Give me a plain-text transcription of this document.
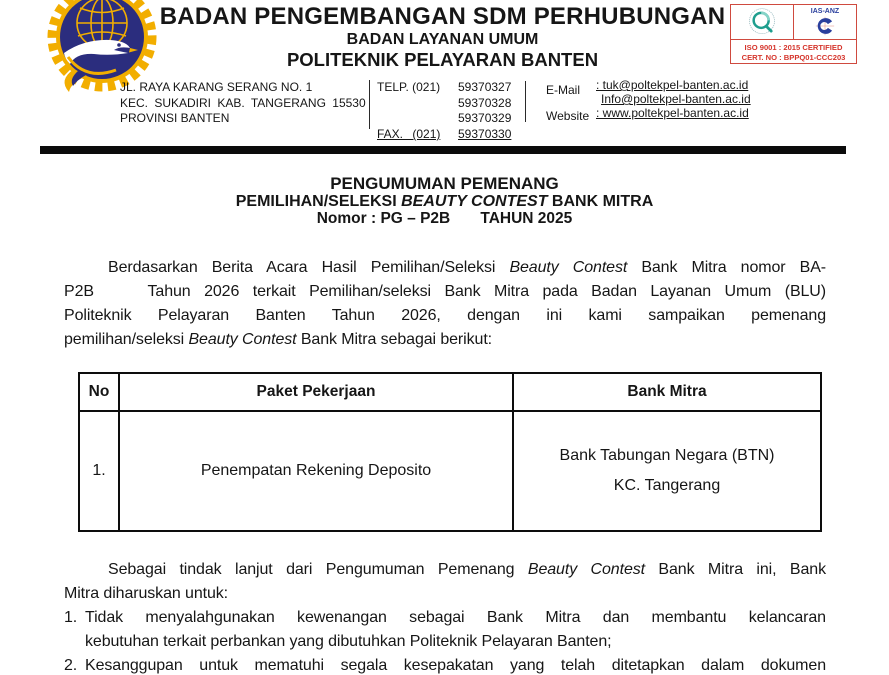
BADAN PENGEMBANGAN SDM PERHUBUNGAN
BADAN LAYANAN UMUM
POLITEKNIK PELAYARAN BANTEN
JL. RAYA KARANG SERANG NO. 1
KEC. SUKADIRI KAB. TANGERANG 15530
PROVINSI BANTEN
TELP. (021) 59370327
59370328
59370329
FAX. (021) 59370330
E-Mail : tuk@poltekpel-banten.ac.id
Info@poltekpel-banten.ac.id
Website : www.poltekpel-banten.ac.id
IAS-ANZ
ISO 9001 : 2015 CERTIFIED
CERT. NO : BPPQ01-CCC203
PENGUMUMAN PEMENANG
PEMILIHAN/SELEKSI BEAUTY CONTEST BANK MITRA
Nomor : PG – P2B       TAHUN 2025
Berdasarkan Berita Acara Hasil Pemilihan/Seleksi Beauty Contest Bank Mitra nomor BA-
P2B    Tahun 2026 terkait Pemilihan/seleksi Bank Mitra pada Badan Layanan Umum (BLU)
Politeknik Pelayaran Banten Tahun 2026, dengan ini kami sampaikan pemenang
pemilihan/seleksi Beauty Contest Bank Mitra sebagai berikut:
No	Paket Pekerjaan	Bank Mitra
1.	Penempatan Rekening Deposito	Bank Tabungan Negara (BTN)
KC. Tangerang
Sebagai tindak lanjut dari Pengumuman Pemenang Beauty Contest Bank Mitra ini, Bank
Mitra diharuskan untuk:
1. Tidak menyalahgunakan kewenangan sebagai Bank Mitra dan membantu kelancaran
kebutuhan terkait perbankan yang dibutuhkan Politeknik Pelayaran Banten;
2. Kesanggupan untuk mematuhi segala kesepakatan yang telah ditetapkan dalam dokumen
